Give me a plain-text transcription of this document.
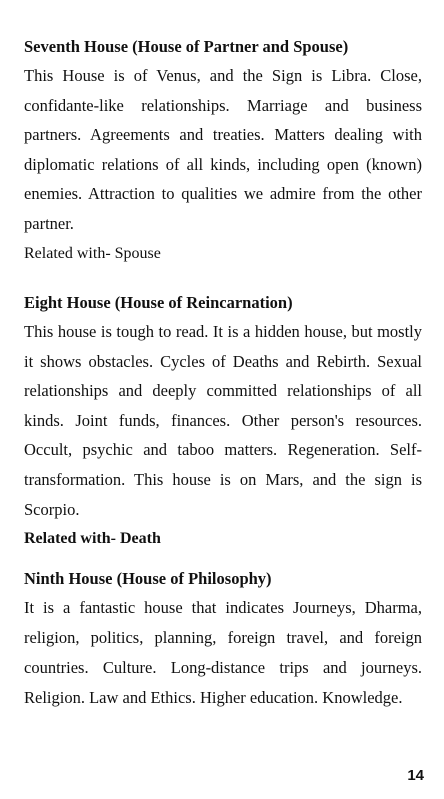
Seventh House (House of Partner and Spouse)

This House is of Venus, and the Sign is Libra. Close, confidante-like relationships. Marriage and business partners. Agreements and treaties. Matters dealing with diplomatic relations of all kinds, including open (known) enemies. Attraction to qualities we admire from the other partner.

Related with- Spouse

Eight House (House of Reincarnation)

This house is tough to read. It is a hidden house, but mostly it shows obstacles. Cycles of Deaths and Rebirth. Sexual relationships and deeply committed relationships of all kinds. Joint funds, finances. Other person's resources. Occult, psychic and taboo matters. Regeneration. Self-transformation. This house is on Mars, and the sign is Scorpio.

Related with- Death

Ninth House (House of Philosophy)

It is a fantastic house that indicates Journeys, Dharma, religion, politics, planning, foreign travel, and foreign countries. Culture. Long-distance trips and journeys. Religion. Law and Ethics. Higher education. Knowledge.

14
